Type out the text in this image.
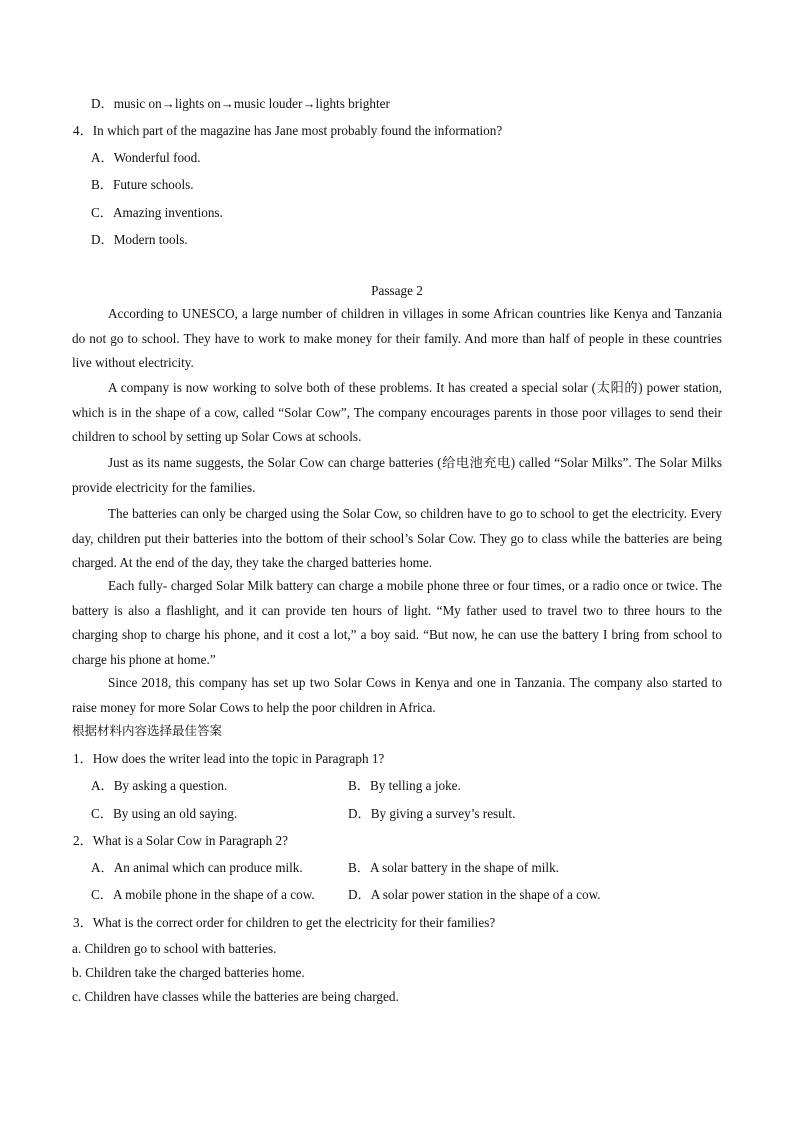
D．music on→lights on→music louder→lights brighter
4．In which part of the magazine has Jane most probably found the information?
A．Wonderful food.
B．Future schools.
C．Amazing inventions.
D．Modern tools.
Passage 2

According to UNESCO, a large number of children in villages in some African countries like Kenya and Tanzania do not go to school. They have to work to make money for their family. And more than half of people in these countries live without electricity.

A company is now working to solve both of these problems. It has created a special solar (太阳的) power station, which is in the shape of a cow, called “Solar Cow”, The company encourages parents in those poor villages to send their children to school by setting up Solar Cows at schools.

Just as its name suggests, the Solar Cow can charge batteries (给电池充电) called “Solar Milks”. The Solar Milks provide electricity for the families.

The batteries can only be charged using the Solar Cow, so children have to go to school to get the electricity. Every day, children put their batteries into the bottom of their school’s Solar Cow. They go to class while the batteries are being charged. At the end of the day, they take the charged batteries home.

Each fully- charged Solar Milk battery can charge a mobile phone three or four times, or a radio once or twice. The battery is also a flashlight, and it can provide ten hours of light. “My father used to travel two to three hours to the charging shop to charge his phone, and it cost a lot,” a boy said. “But now, he can use the battery I bring from school to charge his phone at home.”

Since 2018, this company has set up two Solar Cows in Kenya and one in Tanzania. The company also started to raise money for more Solar Cows to help the poor children in Africa.

根据材料内容选择最佳答案
1．How does the writer lead into the topic in Paragraph 1?
A．By asking a question.	B．By telling a joke.
C．By using an old saying.	D．By giving a survey’s result.
2．What is a Solar Cow in Paragraph 2?
A．An animal which can produce milk.	B．A solar battery in the shape of milk.
C．A mobile phone in the shape of a cow.	D．A solar power station in the shape of a cow.
3．What is the correct order for children to get the electricity for their families?
a. Children go to school with batteries.
b. Children take the charged batteries home.
c. Children have classes while the batteries are being charged.
